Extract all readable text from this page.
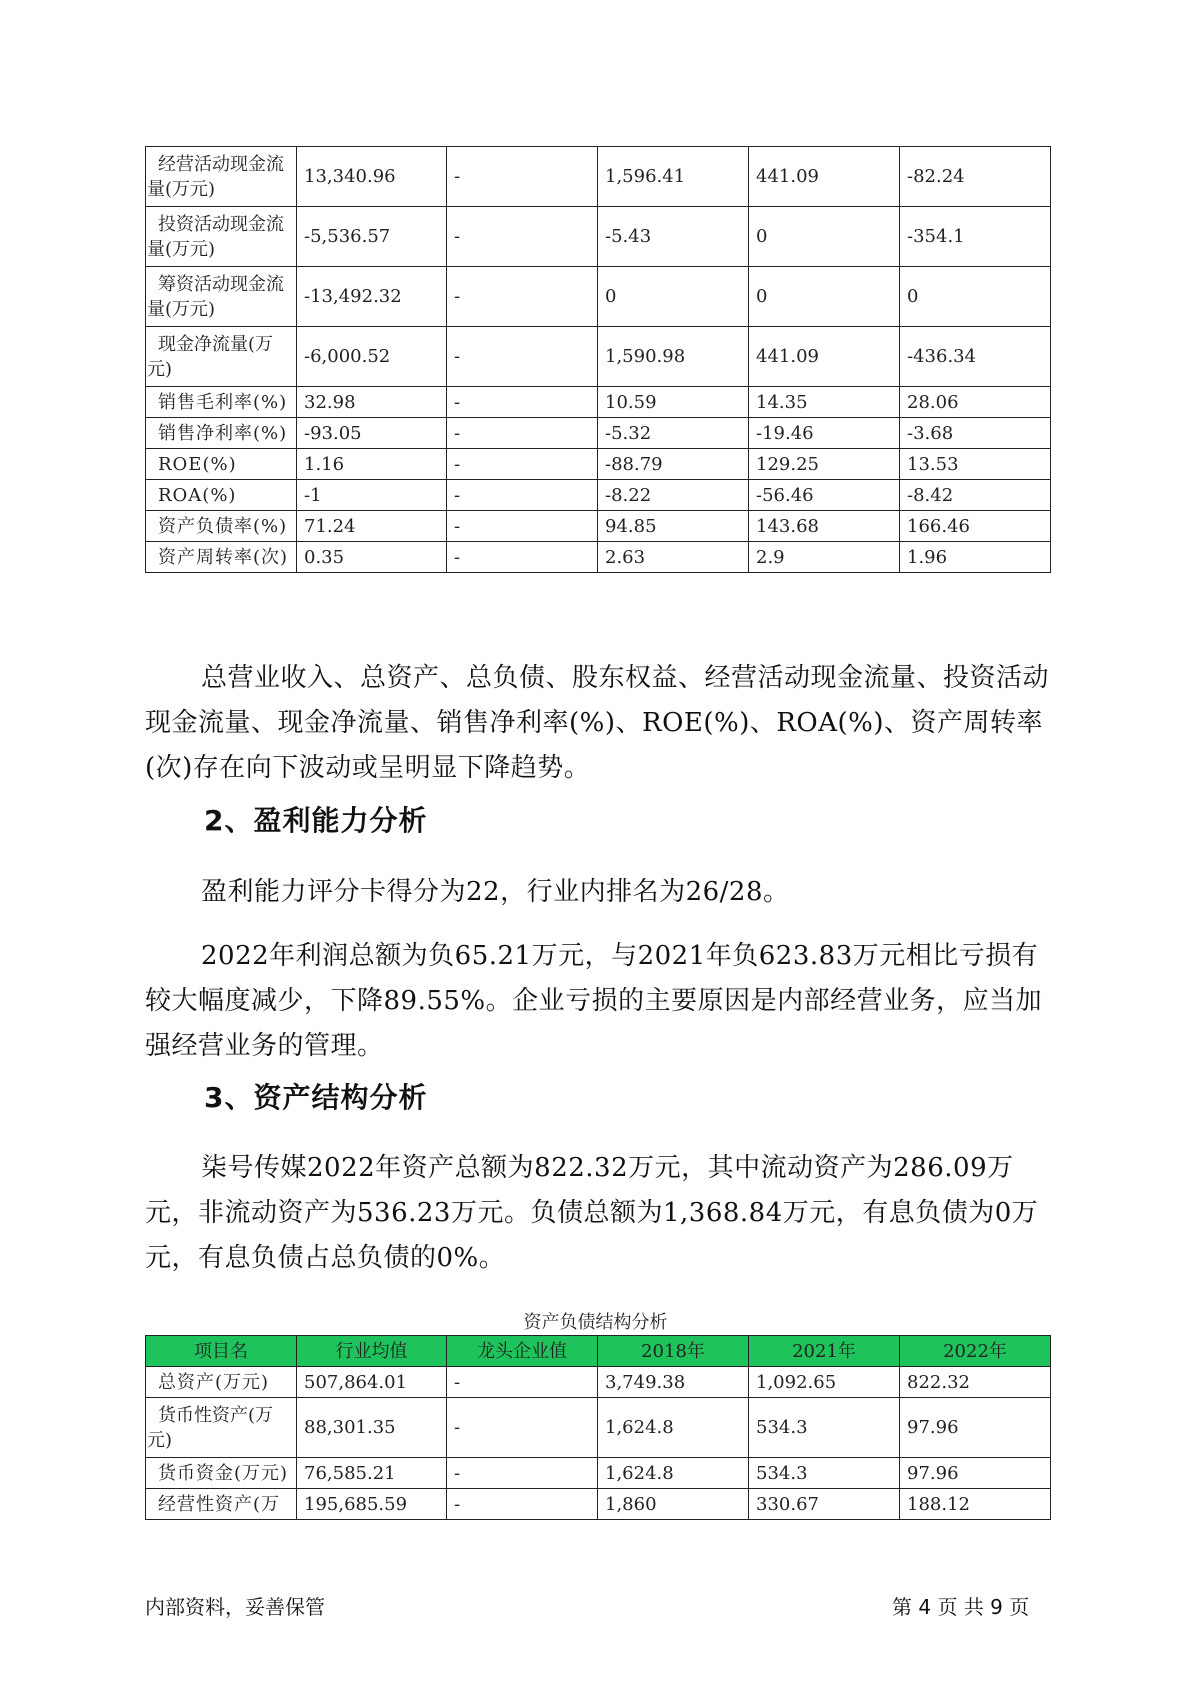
经营活动现金流
量(万元)	13,340.96	-	1,596.41	441.09	-82.24

投资活动现金流
量(万元)	-5,536.57	-	-5.43	0	-354.1

筹资活动现金流
量(万元)	-13,492.32	-	0	0	0

现金净流量(万
元)	-6,000.52	-	1,590.98	441.09	-436.34
销售毛利率(%)	32.98	-	10.59	14.35	28.06
销售净利率(%)	-93.05	-	-5.32	-19.46	-3.68
ROE(%)	1.16	-	-88.79	129.25	13.53
ROA(%)	-1	-	-8.22	-56.46	-8.42
资产负债率(%)	71.24	-	94.85	143.68	166.46
资产周转率(次)	0.35	-	2.63	2.9	1.96

总营业收入、总资产、总负债、股东权益、经营活动现金流量、投资活动现金流量、现金净流量、销售净利率(%)、ROE(%)、ROA(%)、资产周转率(次)存在向下波动或呈明显下降趋势。

2、盈利能力分析

盈利能力评分卡得分为22，行业内排名为26/28。

2022年利润总额为负65.21万元，与2021年负623.83万元相比亏损有较大幅度减少，下降89.55%。企业亏损的主要原因是内部经营业务，应当加强经营业务的管理。

3、资产结构分析

柒号传媒2022年资产总额为822.32万元，其中流动资产为286.09万元，非流动资产为536.23万元。负债总额为1,368.84万元，有息负债为0万元，有息负债占总负债的0%。

资产负债结构分析

项目名	行业均值	龙头企业值	2018年	2021年	2022年
总资产(万元)	507,864.01	-	3,749.38	1,092.65	822.32

货币性资产(万
元)	88,301.35	-	1,624.8	534.3	97.96
货币资金(万元)	76,585.21	-	1,624.8	534.3	97.96
经营性资产(万	195,685.59	-	1,860	330.67	188.12

内部资料，妥善保管	第 4 页 共 9 页
